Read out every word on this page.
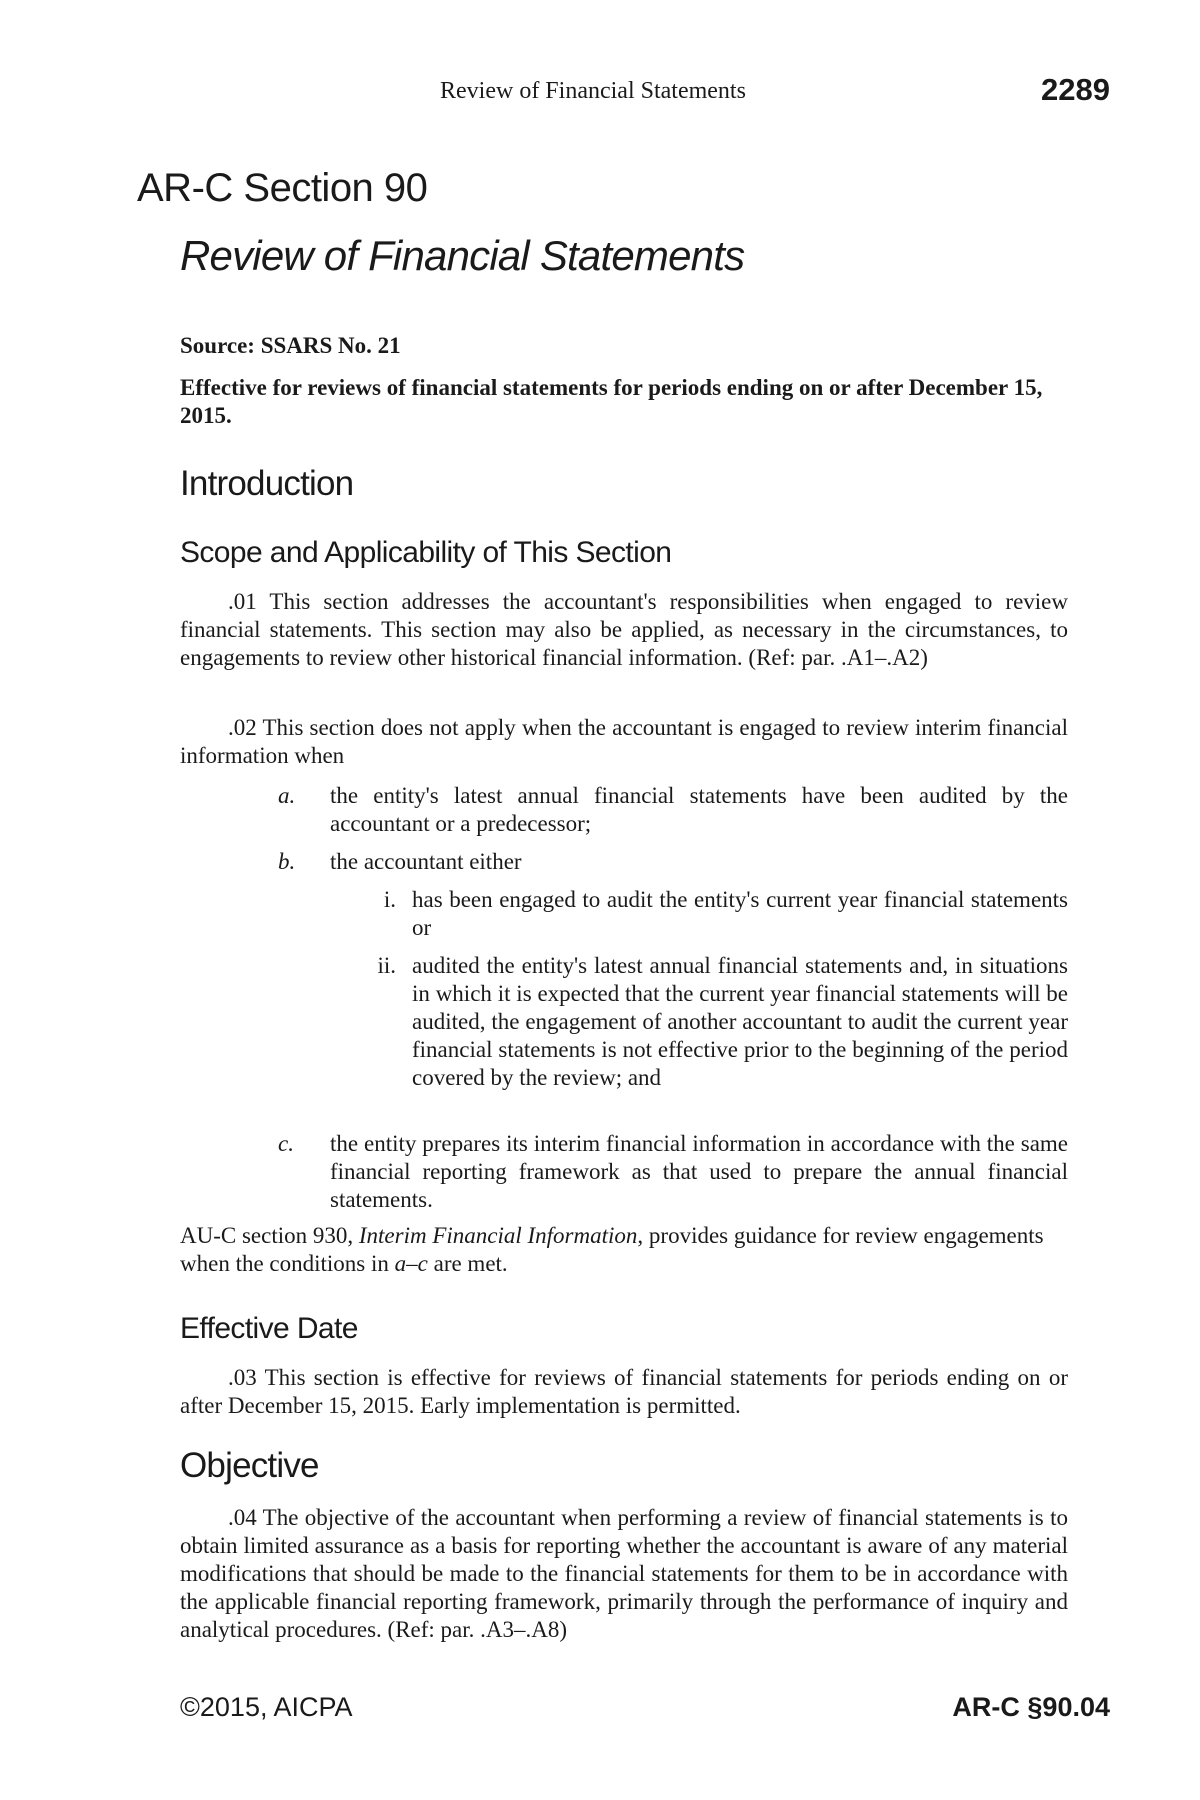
Review of Financial Statements	2289
AR-C Section 90
Review of Financial Statements
Source: SSARS No. 21
Effective for reviews of financial statements for periods ending on or after December 15, 2015.
Introduction
Scope and Applicability of This Section
.01 This section addresses the accountant's responsibilities when engaged to review financial statements. This section may also be applied, as necessary in the circumstances, to engagements to review other historical financial information. (Ref: par. .A1–.A2)
.02 This section does not apply when the accountant is engaged to review interim financial information when
a. the entity's latest annual financial statements have been audited by the accountant or a predecessor;
b. the accountant either
i. has been engaged to audit the entity's current year financial statements or
ii. audited the entity's latest annual financial statements and, in situations in which it is expected that the current year financial statements will be audited, the engagement of another accountant to audit the current year financial statements is not effective prior to the beginning of the period covered by the review; and
c. the entity prepares its interim financial information in accordance with the same financial reporting framework as that used to prepare the annual financial statements.
AU-C section 930, Interim Financial Information, provides guidance for review engagements when the conditions in a–c are met.
Effective Date
.03 This section is effective for reviews of financial statements for periods ending on or after December 15, 2015. Early implementation is permitted.
Objective
.04 The objective of the accountant when performing a review of financial statements is to obtain limited assurance as a basis for reporting whether the accountant is aware of any material modifications that should be made to the financial statements for them to be in accordance with the applicable financial reporting framework, primarily through the performance of inquiry and analytical procedures. (Ref: par. .A3–.A8)
©2015, AICPA	AR-C §90.04
